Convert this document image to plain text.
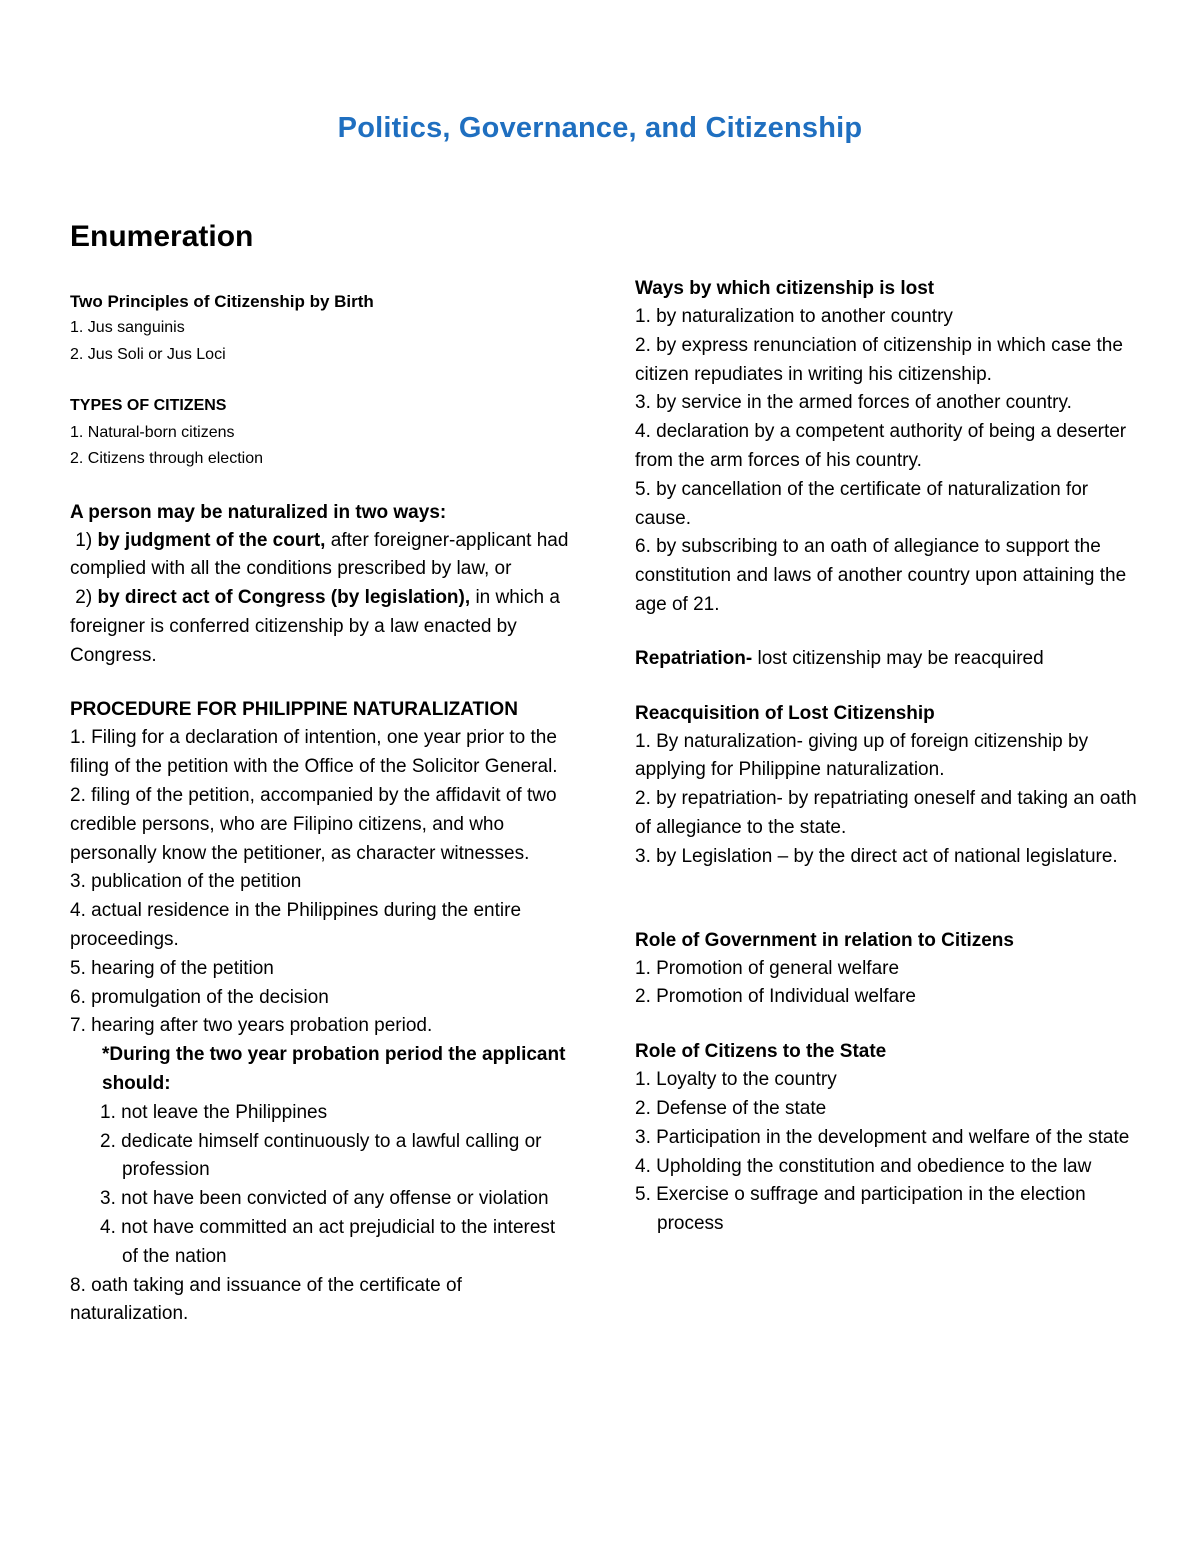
Politics, Governance, and Citizenship
Enumeration
Two Principles of Citizenship by Birth
1. Jus sanguinis
2. Jus Soli or Jus Loci
TYPES OF CITIZENS
1. Natural-born citizens
2. Citizens through election
A person may be naturalized in two ways:
1) by judgment of the court, after foreigner-applicant had complied with all the conditions prescribed by law, or
2) by direct act of Congress (by legislation), in which a foreigner is conferred citizenship by a law enacted by Congress.
PROCEDURE FOR PHILIPPINE NATURALIZATION
1. Filing for a declaration of intention, one year prior to the filing of the petition with the Office of the Solicitor General.
2. filing of the petition, accompanied by the affidavit of two credible persons, who are Filipino citizens, and who personally know the petitioner, as character witnesses.
3. publication of the petition
4. actual residence in the Philippines during the entire proceedings.
5. hearing of the petition
6. promulgation of the decision
7. hearing after two years probation period.
*During the two year probation period the applicant should:
1. not leave the Philippines
2. dedicate himself continuously to a lawful calling or profession
3. not have been convicted of any offense or violation
4. not have committed an act prejudicial to the interest of the nation
8. oath taking and issuance of the certificate of naturalization.
Ways by which citizenship is lost
1. by naturalization to another country
2. by express renunciation of citizenship in which case the citizen repudiates in writing his citizenship.
3. by service in the armed forces of another country.
4. declaration by a competent authority of being a deserter from the arm forces of his country.
5. by cancellation of the certificate of naturalization for cause.
6. by subscribing to an oath of allegiance to support the constitution and laws of another country upon attaining the age of 21.
Repatriation- lost citizenship may be reacquired
Reacquisition of Lost Citizenship
1. By naturalization- giving up of foreign citizenship by applying for Philippine naturalization.
2. by repatriation- by repatriating oneself and taking an oath of allegiance to the state.
3. by Legislation – by the direct act of national legislature.
Role of Government in relation to Citizens
1. Promotion of general welfare
2. Promotion of Individual welfare
Role of Citizens to the State
1. Loyalty to the country
2. Defense of the state
3. Participation in the development and welfare of the state
4. Upholding the constitution and obedience to the law
5. Exercise o suffrage and participation in the election process
